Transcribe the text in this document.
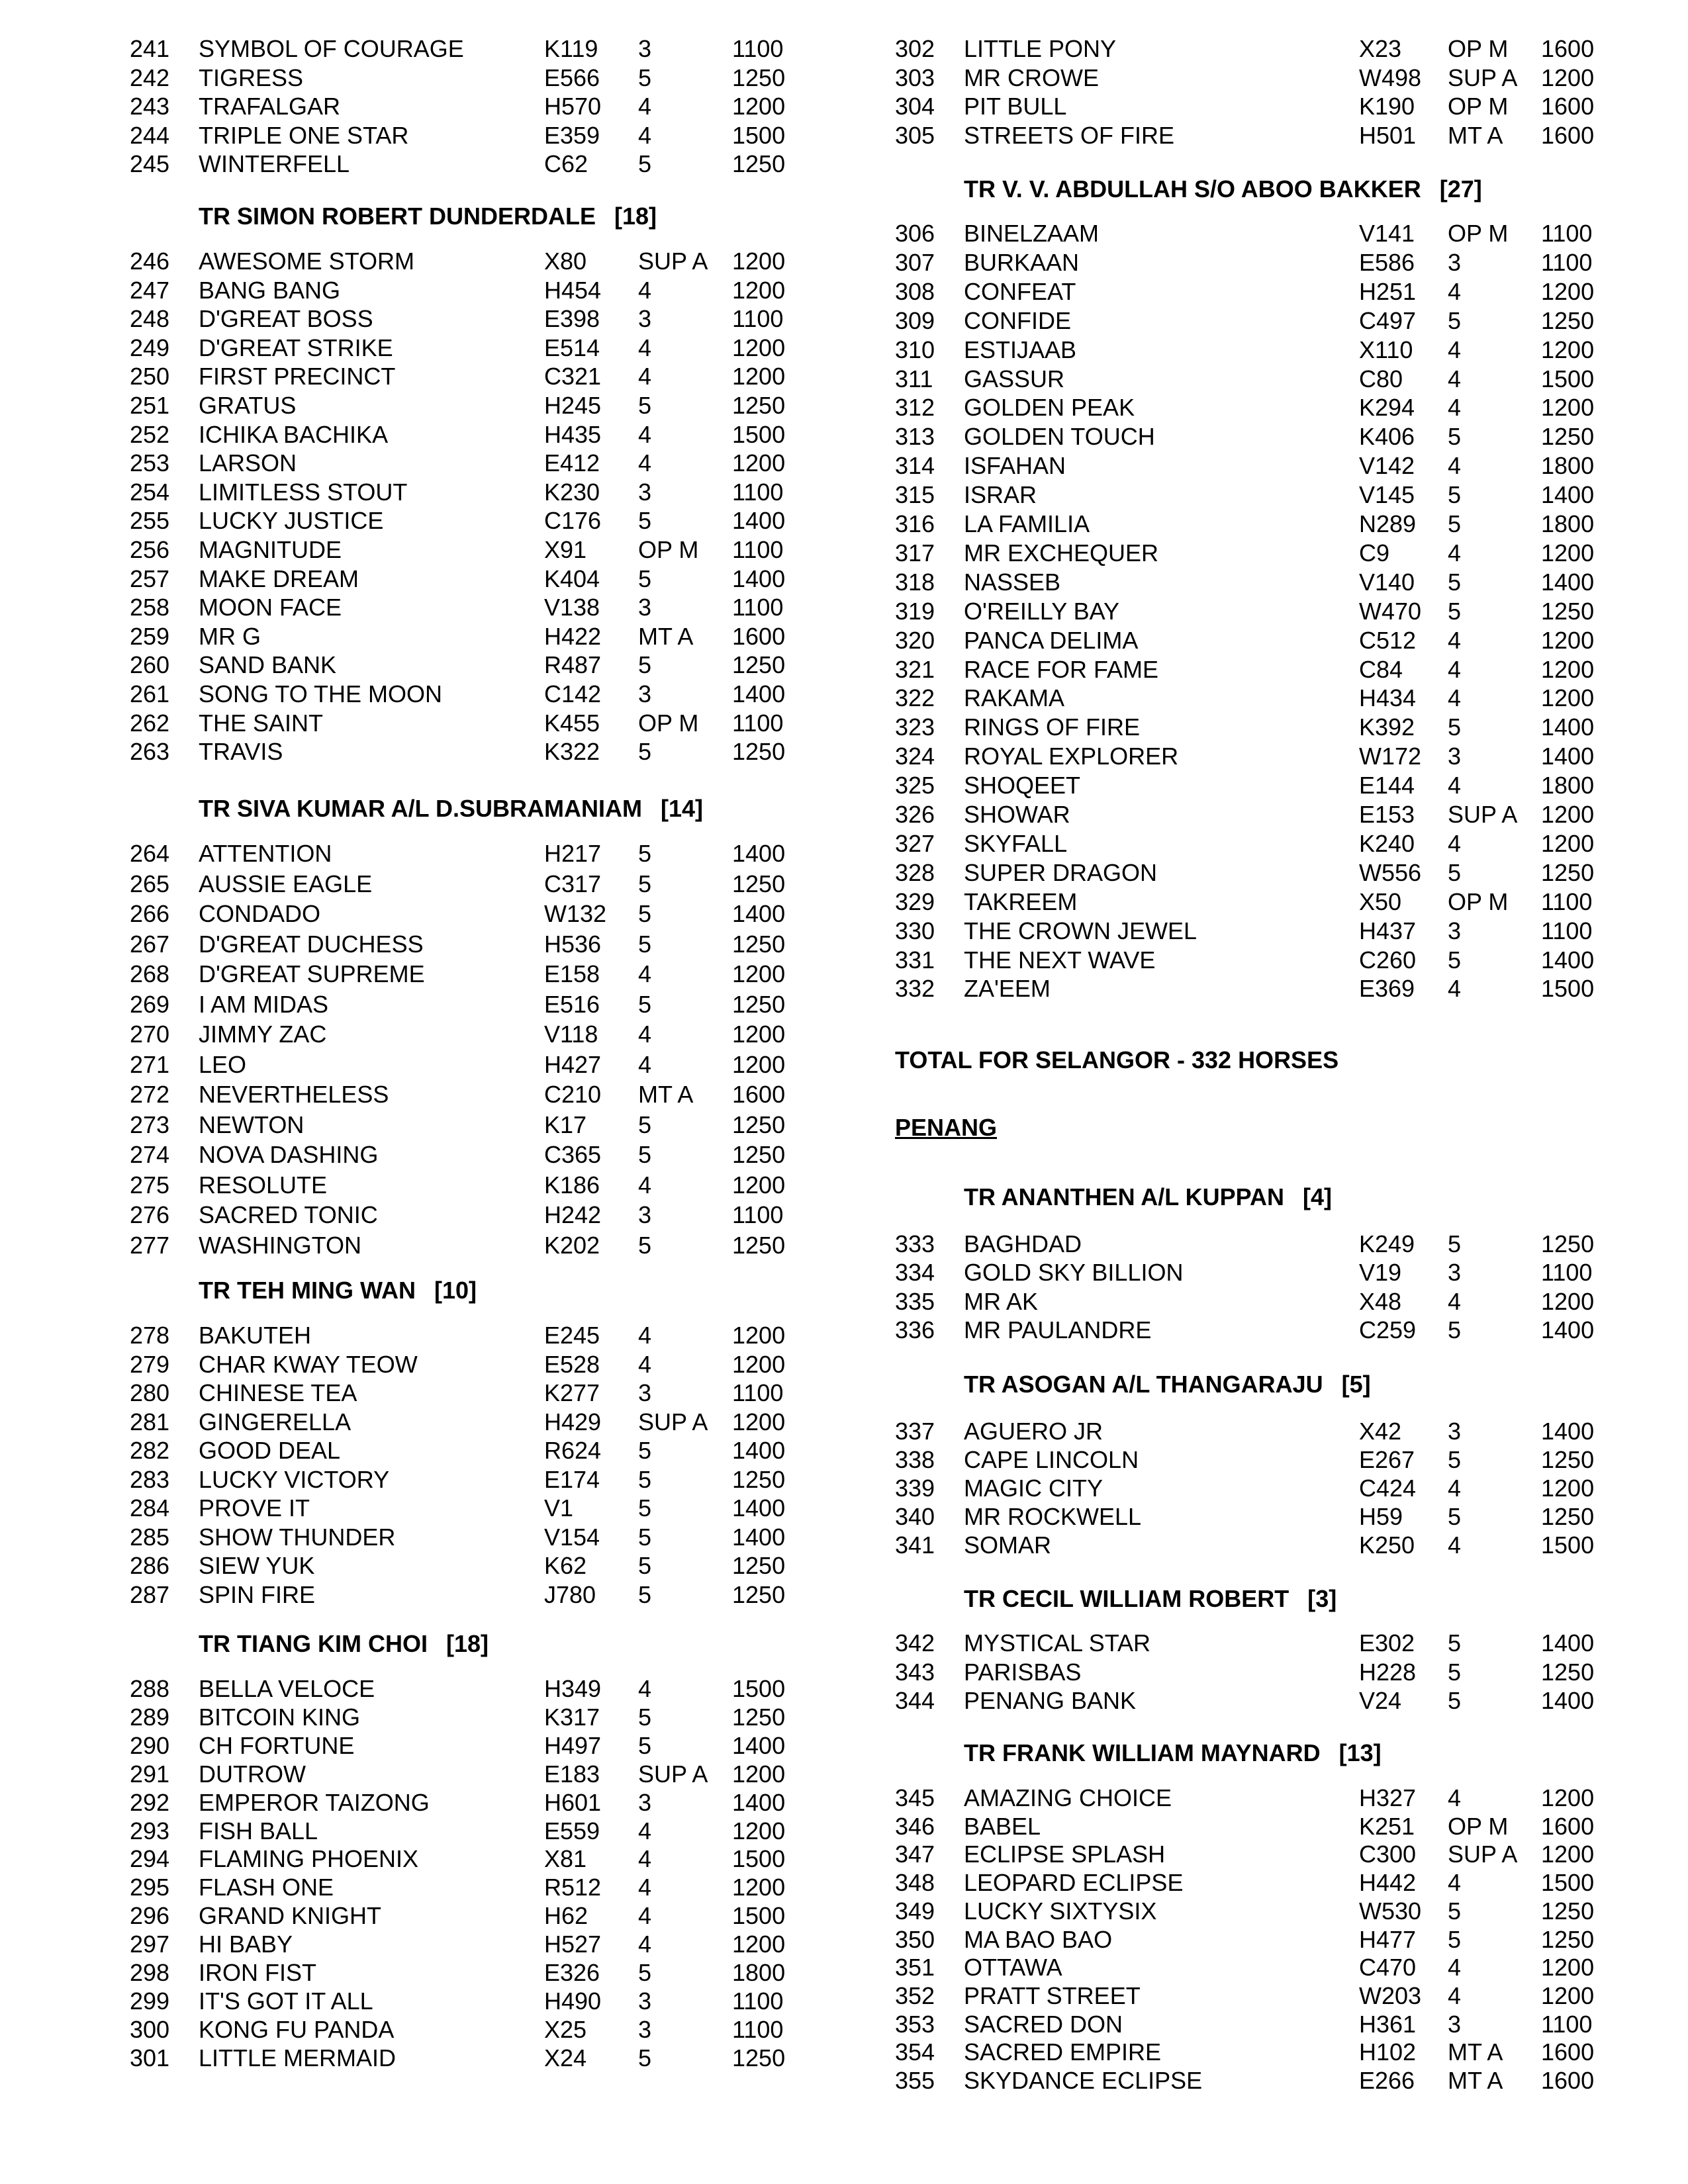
241 SYMBOL OF COURAGE	K119 3	1100
242 TIGRESS	E566 5	1250
243 TRAFALGAR	H570 4	1200
244 TRIPLE ONE STAR	E359 4	1500
245 WINTERFELL	C62 5	1250
TR SIMON ROBERT DUNDERDALE [18]
246 AWESOME STORM	X80 SUP A 1200
247 BANG BANG	H454 4	1200
248 D'GREAT BOSS	E398 3	1100
249 D'GREAT STRIKE	E514 4	1200
250 FIRST PRECINCT	C321 4	1200
251 GRATUS	H245 5	1250
252 ICHIKA BACHIKA	H435 4	1500
253 LARSON	E412 4	1200
254 LIMITLESS STOUT	K230 3	1100
255 LUCKY JUSTICE	C176 5	1400
256 MAGNITUDE	X91 OP M 1100
257 MAKE DREAM	K404 5	1400
258 MOON FACE	V138 3	1100
259 MR G	H422 MT A 1600
260 SAND BANK	R487 5	1250
261 SONG TO THE MOON	C142 3	1400
262 THE SAINT	K455 OP M 1100
263 TRAVIS	K322 5	1250
TR SIVA KUMAR A/L D.SUBRAMANIAM [14]
264 ATTENTION	H217 5	1400
265 AUSSIE EAGLE	C317 5	1250
266 CONDADO	W132 5	1400
267 D'GREAT DUCHESS	H536 5	1250
268 D'GREAT SUPREME	E158 4	1200
269 I AM MIDAS	E516 5	1250
270 JIMMY ZAC	V118 4	1200
271 LEO	H427 4	1200
272 NEVERTHELESS	C210 MT A 1600
273 NEWTON	K17 5	1250
274 NOVA DASHING	C365 5	1250
275 RESOLUTE	K186 4	1200
276 SACRED TONIC	H242 3	1100
277 WASHINGTON	K202 5	1250
TR TEH MING WAN [10]
278 BAKUTEH	E245 4	1200
279 CHAR KWAY TEOW	E528 4	1200
280 CHINESE TEA	K277 3	1100
281 GINGERELLA	H429 SUP A 1200
282 GOOD DEAL	R624 5	1400
283 LUCKY VICTORY	E174 5	1250
284 PROVE IT	V1	5	1400
285 SHOW THUNDER	V154 5	1400
286 SIEW YUK	K62 5	1250
287 SPIN FIRE	J780 5	1250
TR TIANG KIM CHOI [18]
288 BELLA VELOCE	H349 4	1500
289 BITCOIN KING	K317 5	1250
290 CH FORTUNE	H497 5	1400
291 DUTROW	E183 SUP A 1200
292 EMPEROR TAIZONG	H601 3	1400
293 FISH BALL	E559 4	1200
294 FLAMING PHOENIX	X81 4	1500
295 FLASH ONE	R512 4	1200
296 GRAND KNIGHT	H62 4	1500
297 HI BABY	H527 4	1200
298 IRON FIST	E326 5	1800
299 IT'S GOT IT ALL	H490 3	1100
300 KONG FU PANDA	X25 3	1100
301 LITTLE MERMAID	X24 5	1250
302 LITTLE PONY	X23 OP M 1600
303 MR CROWE	W498 SUP A 1200
304 PIT BULL	K190 OP M 1600
305 STREETS OF FIRE	H501 MT A 1600
TR V. V. ABDULLAH S/O ABOO BAKKER [27]
306 BINELZAAM	V141 OP M 1100
307 BURKAAN	E586 3	1100
308 CONFEAT	H251 4	1200
309 CONFIDE	C497 5	1250
310 ESTIJAAB	X110 4	1200
311 GASSUR	C80 4	1500
312 GOLDEN PEAK	K294 4	1200
313 GOLDEN TOUCH	K406 5	1250
314 ISFAHAN	V142 4	1800
315 ISRAR	V145 5	1400
316 LA FAMILIA	N289 5	1800
317 MR EXCHEQUER	C9 4	1200
318 NASSEB	V140 5	1400
319 O'REILLY BAY	W470 5	1250
320 PANCA DELIMA	C512 4	1200
321 RACE FOR FAME	C84 4	1200
322 RAKAMA	H434 4	1200
323 RINGS OF FIRE	K392 5	1400
324 ROYAL EXPLORER	W172 3	1400
325 SHOQEET	E144 4	1800
326 SHOWAR	E153 SUP A 1200
327 SKYFALL	K240 4	1200
328 SUPER DRAGON	W556 5	1250
329 TAKREEM	X50 OP M 1100
330 THE CROWN JEWEL	H437 3	1100
331 THE NEXT WAVE	C260 5	1400
332 ZA'EEM	E369 4	1500
TR ANANTHEN A/L KUPPAN [4]
333 BAGHDAD	K249 5	1250
334 GOLD SKY BILLION	V19 3	1100
335 MR AK	X48 4	1200
336 MR PAULANDRE	C259 5	1400
TR ASOGAN A/L THANGARAJU [5]
337 AGUERO JR	X42 3	1400
338 CAPE LINCOLN	E267 5	1250
339 MAGIC CITY	C424 4	1200
340 MR ROCKWELL	H59 5	1250
341 SOMAR	K250 4	1500
TR CECIL WILLIAM ROBERT [3]
342 MYSTICAL STAR	E302 5	1400
343 PARISBAS	H228 5	1250
344 PENANG BANK	V24 5	1400
TR FRANK WILLIAM MAYNARD [13]
345 AMAZING CHOICE	H327 4	1200
346 BABEL	K251 OP M 1600
347 ECLIPSE SPLASH	C300 SUP A 1200
348 LEOPARD ECLIPSE	H442 4	1500
349 LUCKY SIXTYSIX	W530 5	1250
350 MA BAO BAO	H477 5	1250
351 OTTAWA	C470 4	1200
352 PRATT STREET	W203 4	1200
353 SACRED DON	H361 3	1100
354 SACRED EMPIRE	H102 MT A 1600
355 SKYDANCE ECLIPSE	E266 MT A 1600
TOTAL FOR SELANGOR - 332 HORSES
PENANG
